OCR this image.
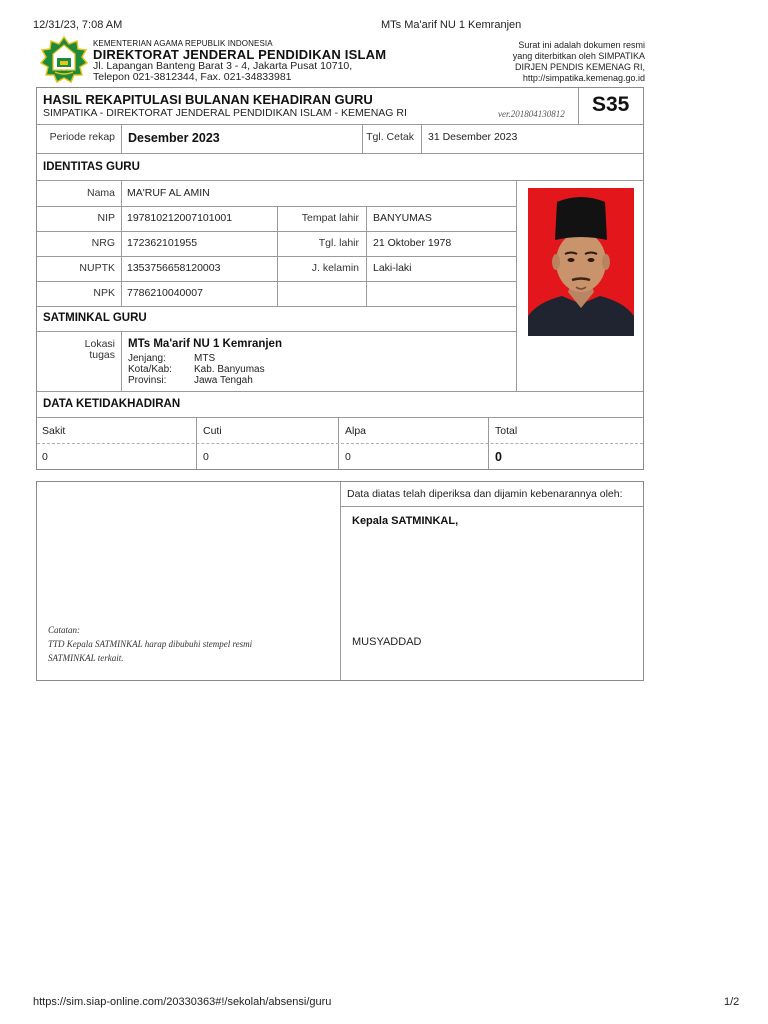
12/31/23, 7:08 AM	MTs Ma'arif NU 1 Kemranjen
KEMENTERIAN AGAMA REPUBLIK INDONESIA
DIREKTORAT JENDERAL PENDIDIKAN ISLAM
Jl. Lapangan Banteng Barat 3 - 4, Jakarta Pusat 10710,
Telepon 021-3812344, Fax. 021-34833981
Surat ini adalah dokumen resmi
yang diterbitkan oleh SIMPATIKA
DIRJEN PENDIS KEMENAG RI,
http://simpatika.kemenag.go.id
HASIL REKAPITULASI BULANAN KEHADIRAN GURU
SIMPATIKA - DIREKTORAT JENDERAL PENDIDIKAN ISLAM - KEMENAG RI	ver.201804130812 S35
Periode rekap Desember 2023	Tgl. Cetak 31 Desember 2023
IDENTITAS GURU
Nama MA'RUF AL AMIN
NIP 197810212007101001	Tempat lahir BANYUMAS
NRG 172362101955	Tgl. lahir 21 Oktober 1978
NUPTK 1353756658120003	J. kelamin Laki-laki
NPK 7786210040007
SATMINKAL GURU
Lokasi
tugas
MTs Ma'arif NU 1 Kemranjen
Jenjang:	MTS
Kota/Kab: Kab. Banyumas
Provinsi:	Jawa Tengah
DATA KETIDAKHADIRAN
Sakit	Cuti	Alpa	Total
0	0	0	0
Data diatas telah diperiksa dan dijamin kebenarannya oleh:
Kepala SATMINKAL,
MUSYADDAD
Catatan:
TTD Kepala SATMINKAL harap dibubuhi stempel resmi
SATMINKAL terkait.
https://sim.siap-online.com/20330363#!/sekolah/absensi/guru	1/2
